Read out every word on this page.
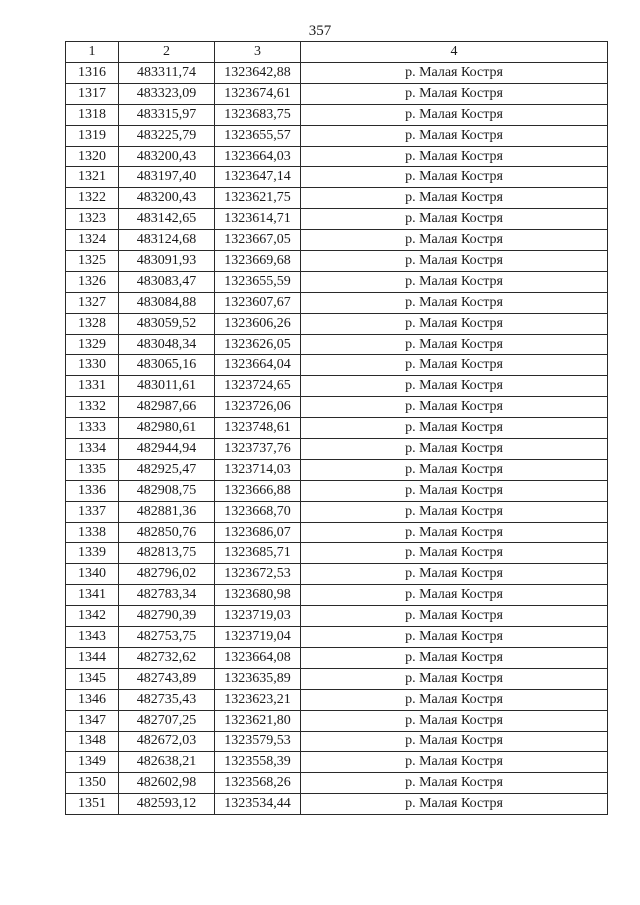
357
1	2	3	4
1316	483311,74	1323642,88	р. Малая Костря
1317	483323,09	1323674,61	р. Малая Костря
1318	483315,97	1323683,75	р. Малая Костря
1319	483225,79	1323655,57	р. Малая Костря
1320	483200,43	1323664,03	р. Малая Костря
1321	483197,40	1323647,14	р. Малая Костря
1322	483200,43	1323621,75	р. Малая Костря
1323	483142,65	1323614,71	р. Малая Костря
1324	483124,68	1323667,05	р. Малая Костря
1325	483091,93	1323669,68	р. Малая Костря
1326	483083,47	1323655,59	р. Малая Костря
1327	483084,88	1323607,67	р. Малая Костря
1328	483059,52	1323606,26	р. Малая Костря
1329	483048,34	1323626,05	р. Малая Костря
1330	483065,16	1323664,04	р. Малая Костря
1331	483011,61	1323724,65	р. Малая Костря
1332	482987,66	1323726,06	р. Малая Костря
1333	482980,61	1323748,61	р. Малая Костря
1334	482944,94	1323737,76	р. Малая Костря
1335	482925,47	1323714,03	р. Малая Костря
1336	482908,75	1323666,88	р. Малая Костря
1337	482881,36	1323668,70	р. Малая Костря
1338	482850,76	1323686,07	р. Малая Костря
1339	482813,75	1323685,71	р. Малая Костря
1340	482796,02	1323672,53	р. Малая Костря
1341	482783,34	1323680,98	р. Малая Костря
1342	482790,39	1323719,03	р. Малая Костря
1343	482753,75	1323719,04	р. Малая Костря
1344	482732,62	1323664,08	р. Малая Костря
1345	482743,89	1323635,89	р. Малая Костря
1346	482735,43	1323623,21	р. Малая Костря
1347	482707,25	1323621,80	р. Малая Костря
1348	482672,03	1323579,53	р. Малая Костря
1349	482638,21	1323558,39	р. Малая Костря
1350	482602,98	1323568,26	р. Малая Костря
1351	482593,12	1323534,44	р. Малая Костря
